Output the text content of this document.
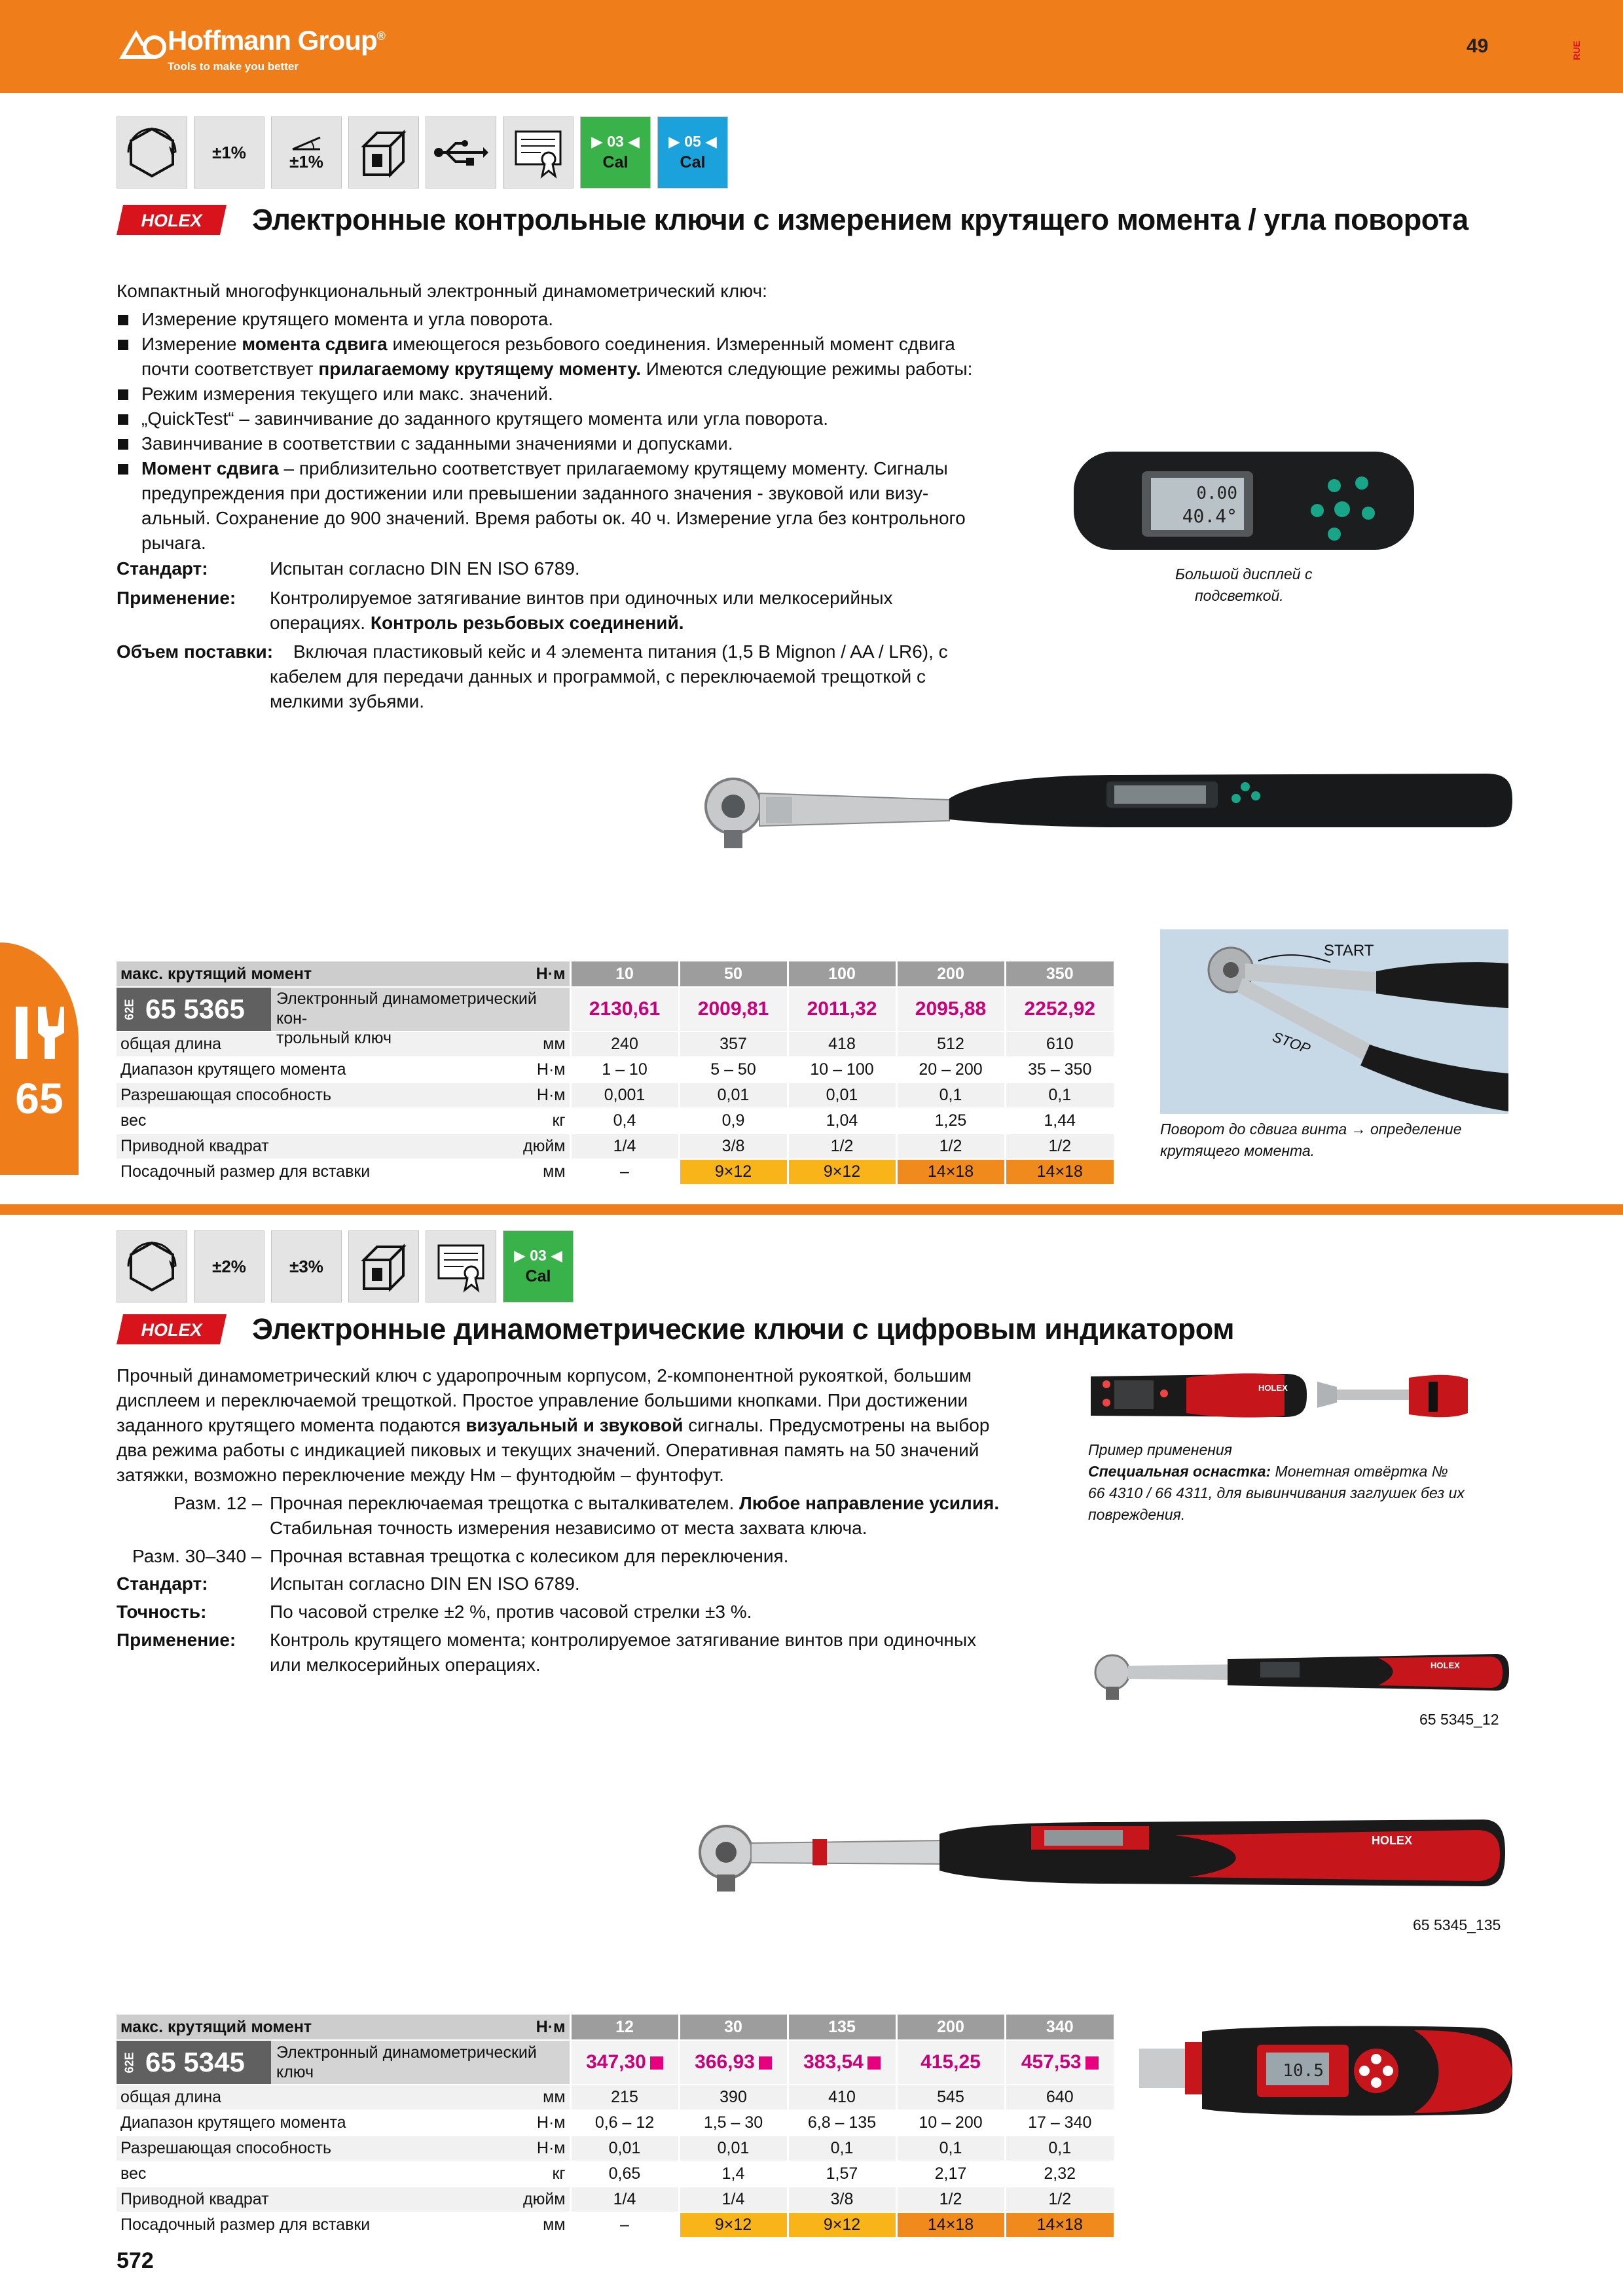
Hoffmann Group®
Tools to make you better
49	RUE
±1%	±1%
▶ 03 ◀
Cal
▶ 05 ◀
Cal
HOLEX Электронные контрольные ключи с измерением крутящего момента / угла поворота
Компактный многофункциональный электронный динамометрический ключ:
Измерение крутящего момента и угла поворота.
Измерение момента сдвига имеющегося резьбового соединения. Измеренный момент сдвига
почти соответствует прилагаемому крутящему моменту. Имеются следующие режимы работы:
Режим измерения текущего или макс. значений.
„QuickTest“ – завинчивание до заданного крутящего момента или угла поворота.
Завинчивание в соответствии с заданными значениями и допусками.
Момент сдвига – приблизительно соответствует прилагаемому крутящему моменту. Сигналы
предупреждения при достижении или превышении заданного значения - звуковой или визу-
альный. Сохранение до 900 значений. Время работы ок. 40 ч. Измерение угла без контрольного
рычага.
Стандарт:	Испытан согласно DIN EN ISO 6789.
Применение: Контролируемое затягивание винтов при одиночных или мелкосерийных
операциях. Контроль резьбовых соединений.
Объем поставки: Включая пластиковый кейс и 4 элемента питания (1,5 В Mignon / AA / LR6), с
кабелем для передачи данных и программой, с переключаемой трещоткой с
мелкими зубьями.
0.00
40.4°
Большой дисплей с
подсветкой.
макс. крутящий момент	Н·м	10	50	100	200	350

62E 65 5365 Электронный динамометрический кон-
трольный ключ		2130,61	2009,81	2011,32	2095,88	2252,92
общая длина	мм	240	357	418	512	610
Диапазон крутящего момента	Н·м	1 – 10	5 – 50	10 – 100	20 – 200	35 – 350
Разрешающая способность	Н·м	0,001	0,01	0,01	0,1	0,1
вес	кг	0,4	0,9	1,04	1,25	1,44
Приводной квадрат	дюйм	1/4	3/8	1/2	1/2	1/2
Посадочный размер для вставки	мм	–	9×12	9×12	14×18	14×18
START
STOP
Поворот до сдвига винта → определение
крутящего момента.
65
±2%	±3%
▶ 03 ◀
Cal
HOLEX Электронные динамометрические ключи с цифровым индикатором
Прочный динамометрический ключ с ударопрочным корпусом, 2-компонентной рукояткой, большим
дисплеем и переключаемой трещоткой. Простое управление большими кнопками. При достижении
заданного крутящего момента подаются визуальный и звуковой сигналы. Предусмотрены на выбор
два режима работы с индикацией пиковых и текущих значений. Оперативная память на 50 значений
затяжки, возможно переключение между Нм – фунтодюйм – фунтофут.
Разм. 12 – Прочная переключаемая трещотка с выталкивателем. Любое направление усилия.
Стабильная точность измерения независимо от места захвата ключа.
Разм. 30–340 – Прочная вставная трещотка с колесиком для переключения.
Стандарт:	Испытан согласно DIN EN ISO 6789.
Точность:	По часовой стрелке ±2 %, против часовой стрелки ±3 %.
Применение: Контроль крутящего момента; контролируемое затягивание винтов при одиночных
или мелкосерийных операциях.
HOLEX
Пример применения
Специальная оснастка: Монетная отвёртка №
66 4310 / 66 4311, для вывинчивания заглушек без их
повреждения.
HOLEX
65 5345_12
HOLEX
65 5345_135
макс. крутящий момент	Н·м	12	30	135	200	340

62E 65 5345 Электронный динамометрический ключ		347,30	366,93	383,54	415,25	457,53
общая длина	мм	215	390	410	545	640
Диапазон крутящего момента	Н·м	0,6 – 12	1,5 – 30	6,8 – 135	10 – 200	17 – 340
Разрешающая способность	Н·м	0,01	0,01	0,1	0,1	0,1
вес	кг	0,65	1,4	1,57	2,17	2,32
Приводной квадрат	дюйм	1/4	1/4	3/8	1/2	1/2
Посадочный размер для вставки	мм	–	9×12	9×12	14×18	14×18
10.5
572
